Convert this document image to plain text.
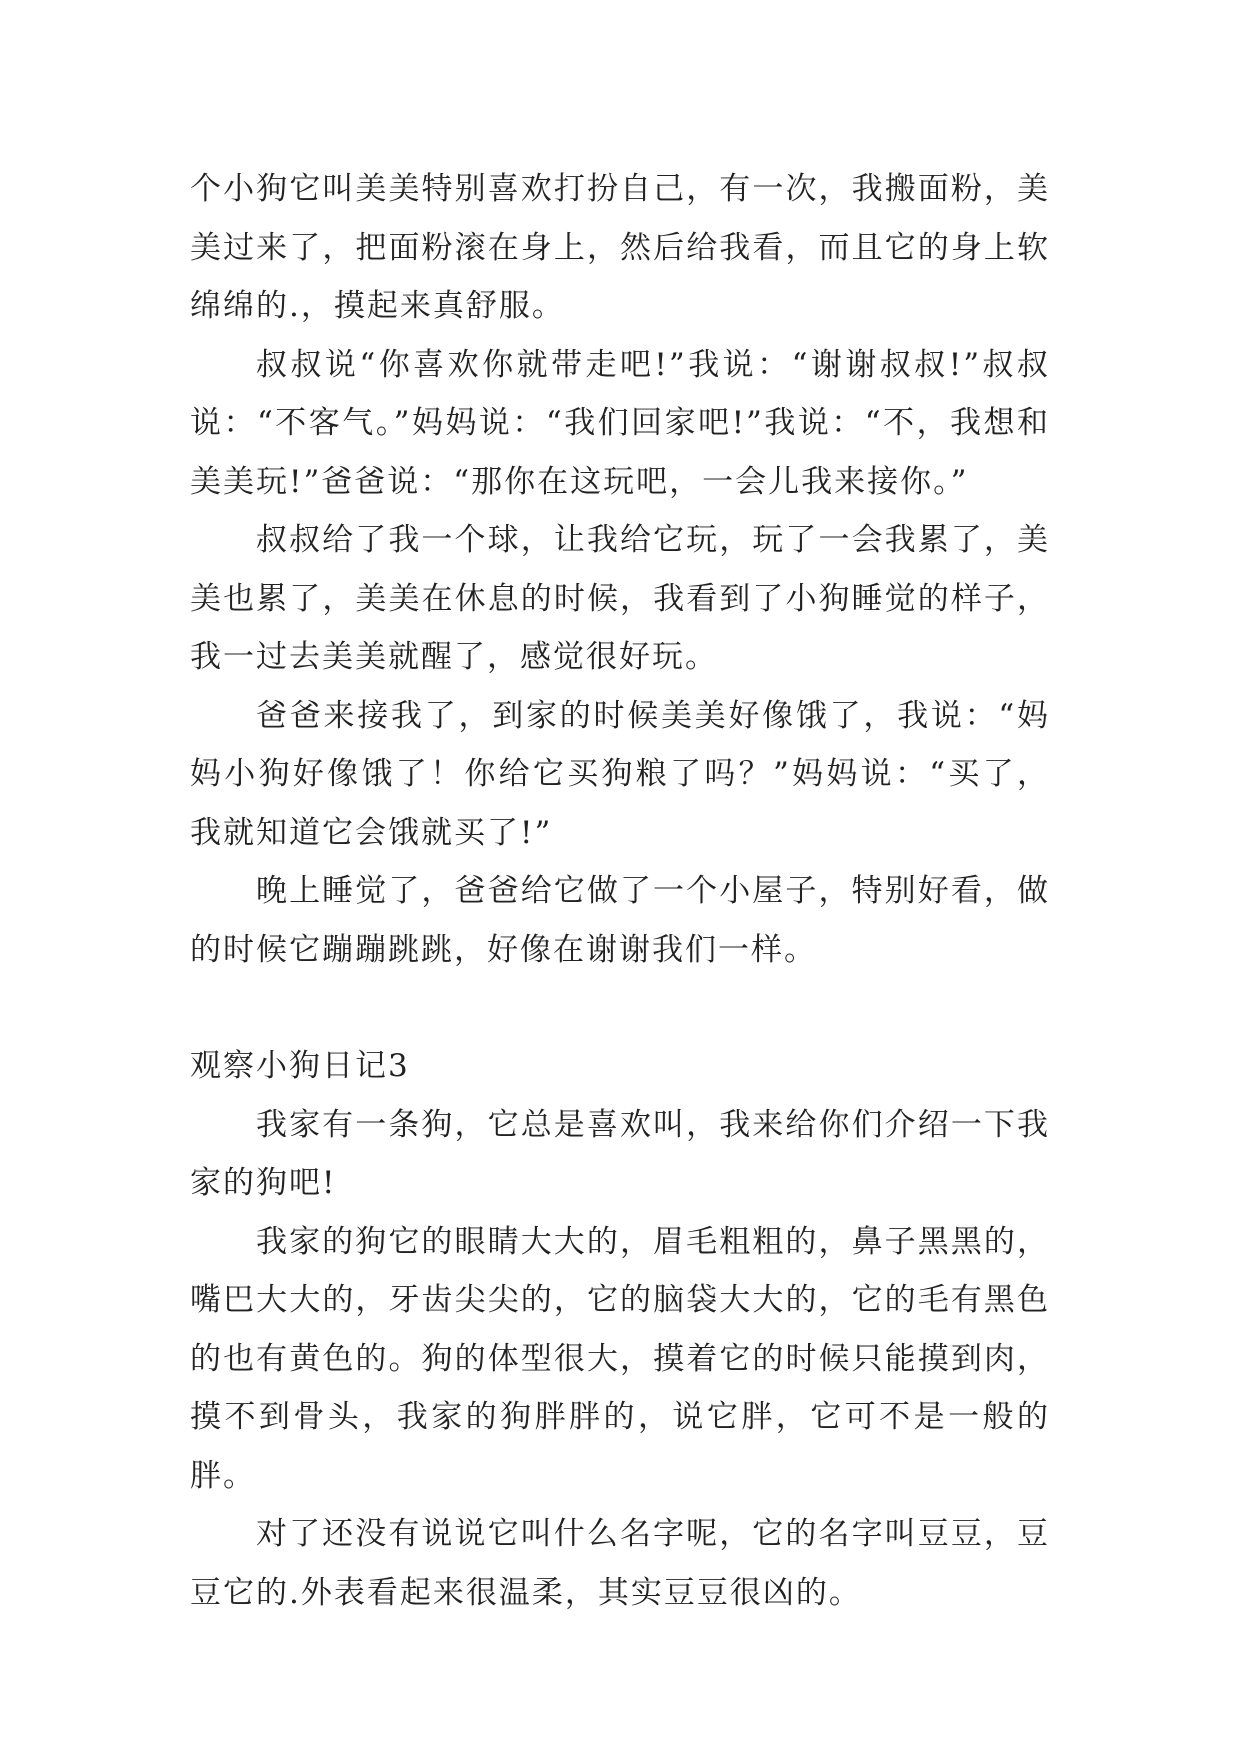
个小狗它叫美美特别喜欢打扮自己，有一次，我搬面粉，美美过来了，把面粉滚在身上，然后给我看，而且它的身上软绵绵的.，摸起来真舒服。

叔叔说“你喜欢你就带走吧!”我说：“谢谢叔叔!”叔叔说：“不客气。”妈妈说：“我们回家吧!”我说：“不，我想和美美玩!”爸爸说：“那你在这玩吧，一会儿我来接你。”

叔叔给了我一个球，让我给它玩，玩了一会我累了，美美也累了，美美在休息的时候，我看到了小狗睡觉的样子，我一过去美美就醒了，感觉很好玩。

爸爸来接我了，到家的时候美美好像饿了，我说：“妈妈小狗好像饿了！你给它买狗粮了吗？”妈妈说：“买了，我就知道它会饿就买了!”

晚上睡觉了，爸爸给它做了一个小屋子，特别好看，做的时候它蹦蹦跳跳，好像在谢谢我们一样。

观察小狗日记3

我家有一条狗，它总是喜欢叫，我来给你们介绍一下我家的狗吧!

我家的狗它的眼睛大大的，眉毛粗粗的，鼻子黑黑的，嘴巴大大的，牙齿尖尖的，它的脑袋大大的，它的毛有黑色的也有黄色的。狗的体型很大，摸着它的时候只能摸到肉，摸不到骨头，我家的狗胖胖的，说它胖，它可不是一般的胖。

对了还没有说说它叫什么名字呢，它的名字叫豆豆，豆豆它的.外表看起来很温柔，其实豆豆很凶的。
